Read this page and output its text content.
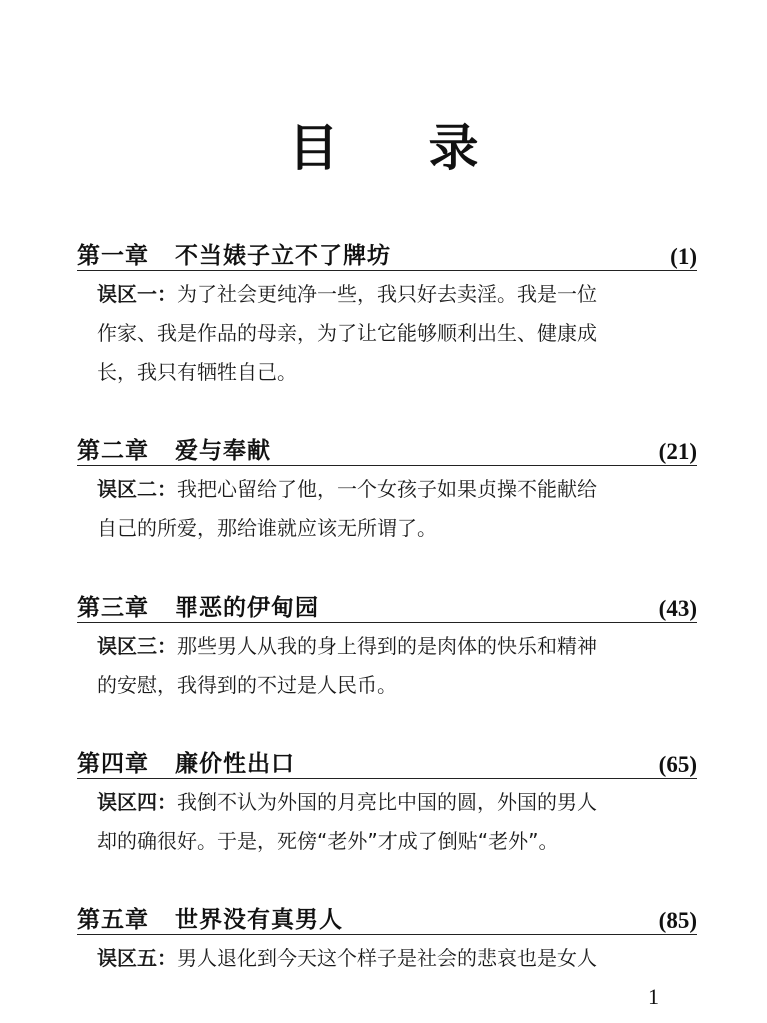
目录
第一章 不当婊子立不了牌坊	(1)

误区一：为了社会更纯净一些，我只好去卖淫。我是一位
作家、我是作品的母亲，为了让它能够顺利出生、健康成
长，我只有牺牲自己。

第二章 爱与奉献	(21)

误区二：我把心留给了他，一个女孩子如果贞操不能献给
自己的所爱，那给谁就应该无所谓了。

第三章 罪恶的伊甸园	(43)

误区三：那些男人从我的身上得到的是肉体的快乐和精神
的安慰，我得到的不过是人民币。

第四章 廉价性出口	(65)

误区四：我倒不认为外国的月亮比中国的圆，外国的男人
却的确很好。于是，死傍“老外”才成了倒贴“老外”。

第五章 世界没有真男人	(85)

误区五：男人退化到今天这个样子是社会的悲哀也是女人

1
